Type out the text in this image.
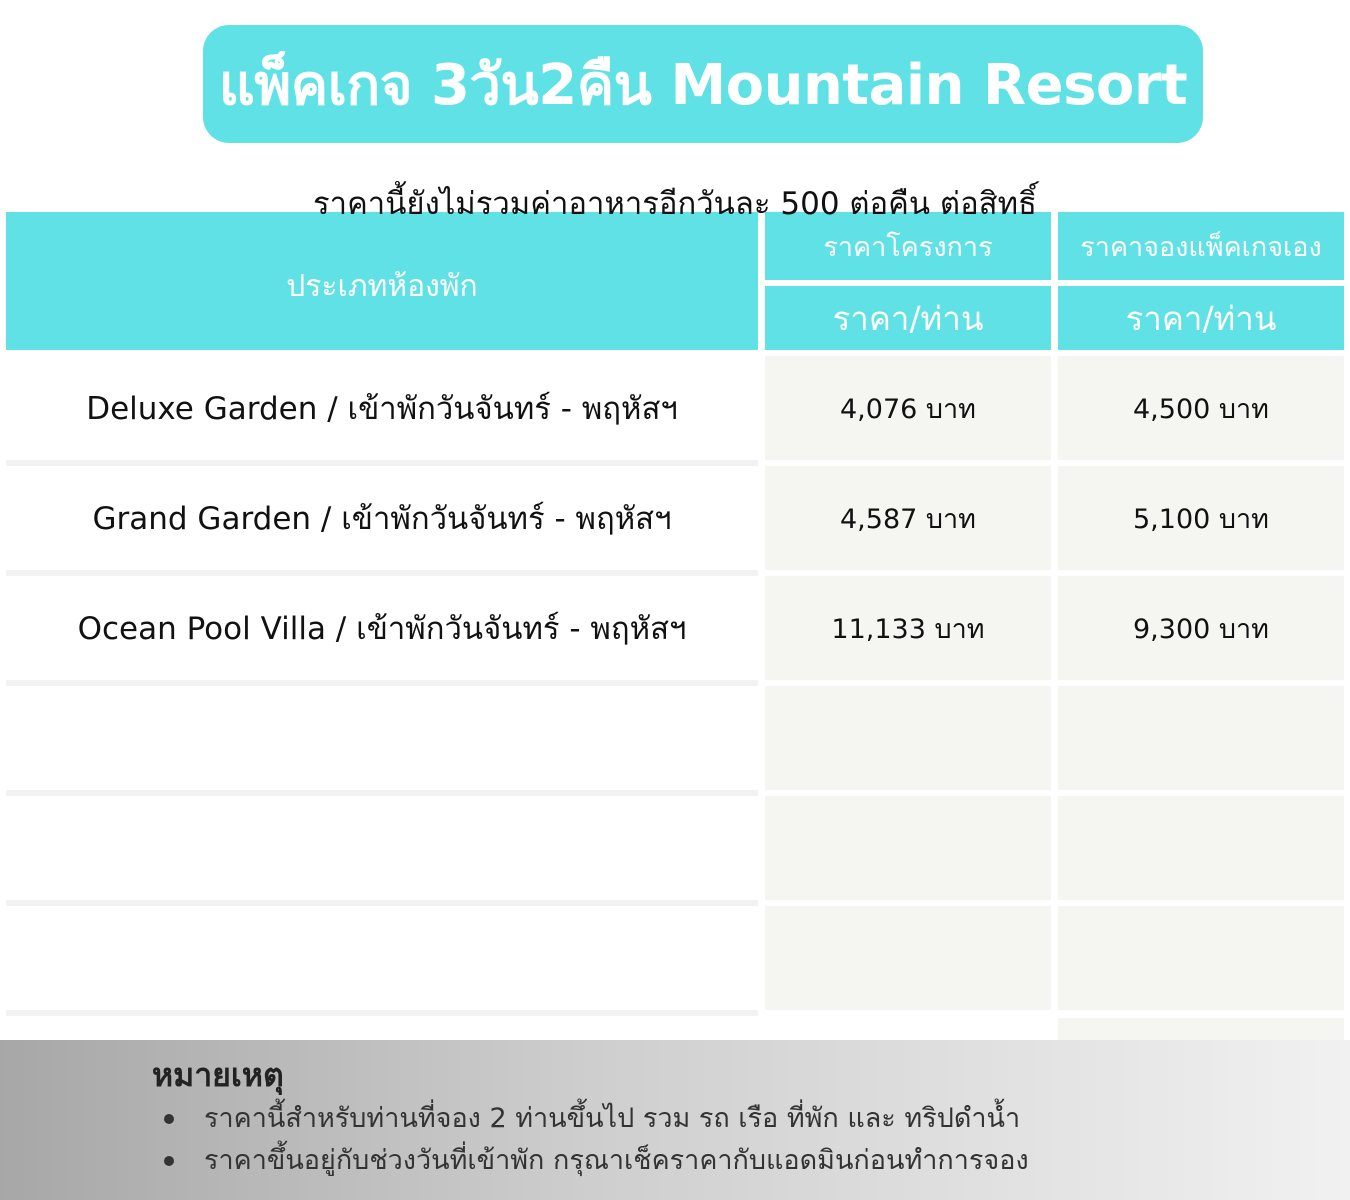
แพ็คเกจ 3วัน2คืน Mountain Resort
ราคานี้ยังไม่รวมค่าอาหารอีกวันละ 500 ต่อคืน ต่อสิทธิ์
ประเภทห้องพัก
ราคาโครงการ	ราคาจองแพ็คเกจเอง
ราคา/ท่าน	ราคา/ท่าน
Deluxe Garden / เข้าพักวันจันทร์ - พฤหัสฯ	4,076 บาท	4,500 บาท
Grand Garden / เข้าพักวันจันทร์ - พฤหัสฯ	4,587 บาท	5,100 บาท
Ocean Pool Villa / เข้าพักวันจันทร์ - พฤหัสฯ	11,133 บาท	9,300 บาท
หมายเหตุ
ราคานี้สำหรับท่านที่จอง 2 ท่านขึ้นไป รวม รถ เรือ ที่พัก และ ทริปดำน้ำ
ราคาขึ้นอยู่กับช่วงวันที่เข้าพัก กรุณาเช็คราคากับแอดมินก่อนทำการจอง
